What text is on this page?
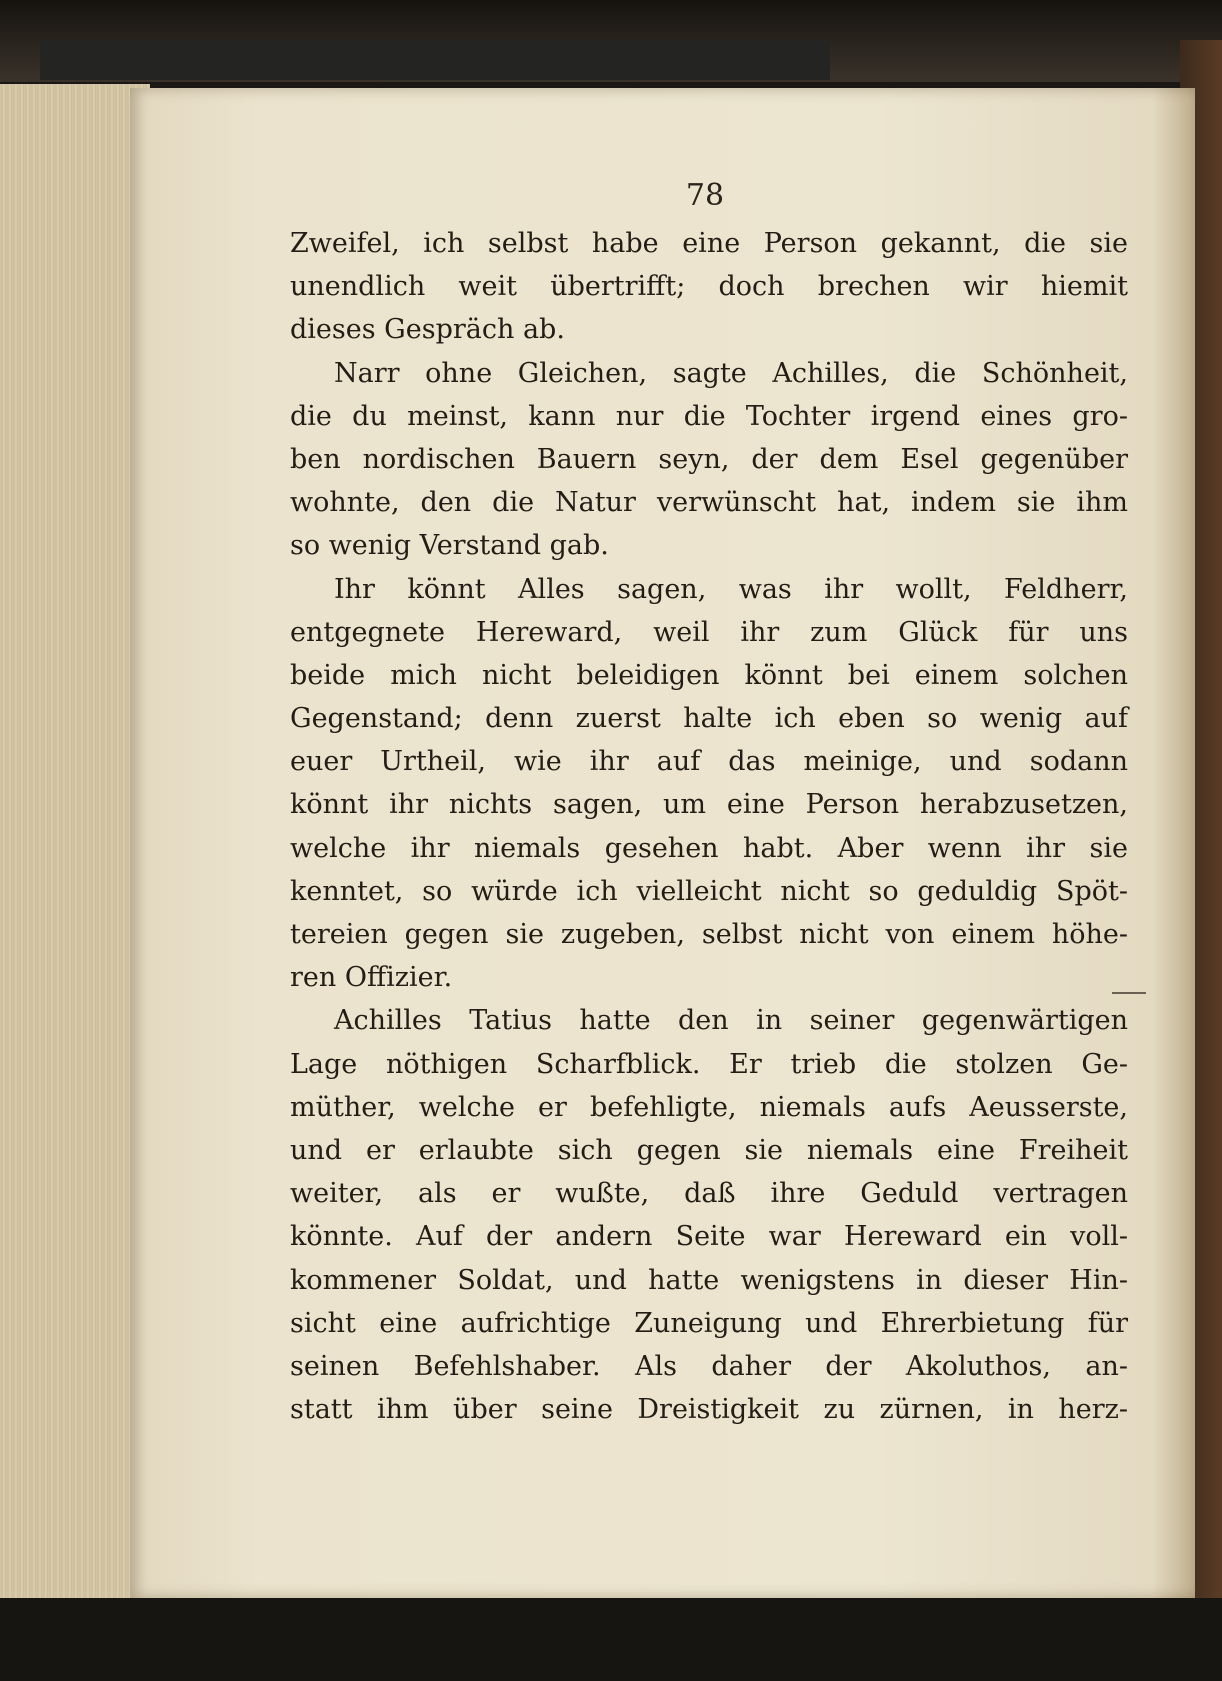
78
Zweifel, ich selbst habe eine Person gekannt, die sie
unendlich weit übertrifft; doch brechen wir hiemit
dieses Gespräch ab.
Narr ohne Gleichen, sagte Achilles, die Schönheit,
die du meinst, kann nur die Tochter irgend eines gro-
ben nordischen Bauern seyn, der dem Esel gegenüber
wohnte, den die Natur verwünscht hat, indem sie ihm
so wenig Verstand gab.
Ihr könnt Alles sagen, was ihr wollt, Feldherr,
entgegnete Hereward, weil ihr zum Glück für uns
beide mich nicht beleidigen könnt bei einem solchen
Gegenstand; denn zuerst halte ich eben so wenig auf
euer Urtheil, wie ihr auf das meinige, und sodann
könnt ihr nichts sagen, um eine Person herabzusetzen,
welche ihr niemals gesehen habt. Aber wenn ihr sie
kenntet, so würde ich vielleicht nicht so geduldig Spöt-
tereien gegen sie zugeben, selbst nicht von einem höhe-
ren Offizier.
Achilles Tatius hatte den in seiner gegenwärtigen
Lage nöthigen Scharfblick. Er trieb die stolzen Ge-
müther, welche er befehligte, niemals aufs Aeusserste,
und er erlaubte sich gegen sie niemals eine Freiheit
weiter, als er wußte, daß ihre Geduld vertragen
könnte. Auf der andern Seite war Hereward ein voll-
kommener Soldat, und hatte wenigstens in dieser Hin-
sicht eine aufrichtige Zuneigung und Ehrerbietung für
seinen Befehlshaber. Als daher der Akoluthos, an-
statt ihm über seine Dreistigkeit zu zürnen, in herz-
